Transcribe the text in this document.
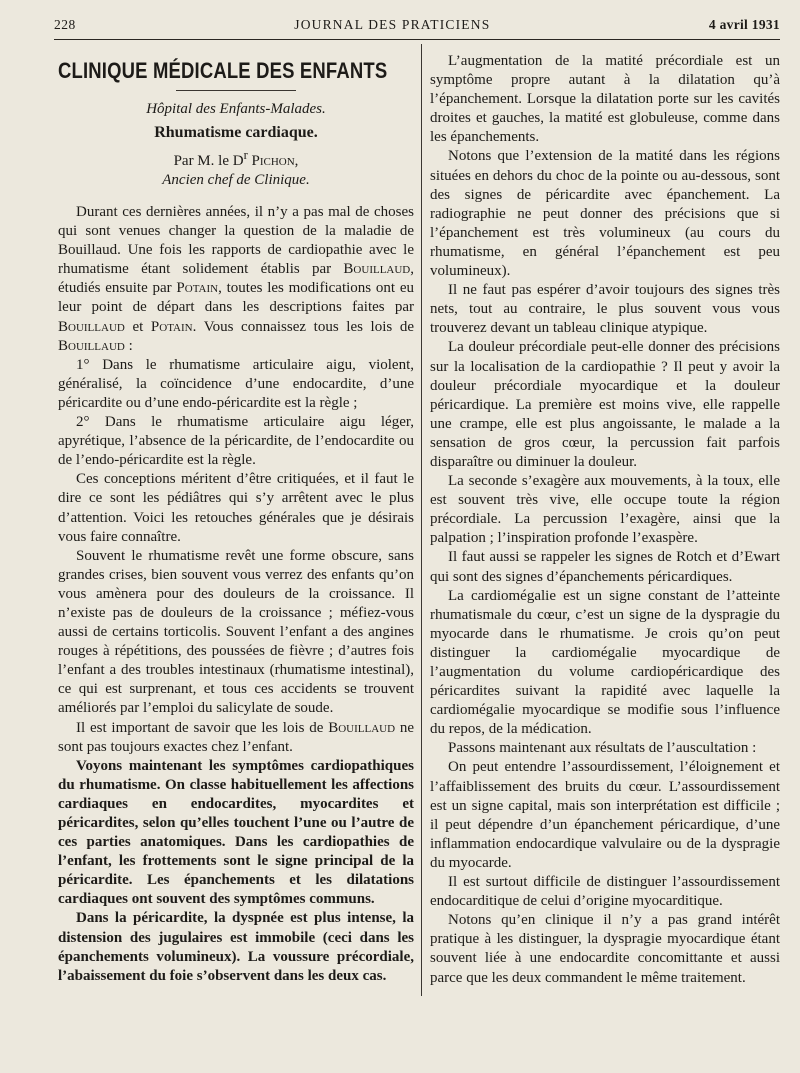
228	JOURNAL DES PRATICIENS	4 avril 1931
CLINIQUE MÉDICALE DES ENFANTS
Hôpital des Enfants-Malades.
Rhumatisme cardiaque.
Par M. le $D^r$ Pichon,
Ancien chef de Clinique.

Durant ces dernières années, il n’y a pas mal de choses qui sont venues changer la question de la maladie de Bouillaud. Une fois les rapports de cardiopathie avec le rhumatisme étant solidement établis par Bouillaud, étudiés ensuite par Potain, toutes les modifications ont eu leur point de départ dans les descriptions faites par Bouillaud et Potain. Vous connaissez tous les lois de Bouillaud :

1° Dans le rhumatisme articulaire aigu, violent, généralisé, la coïncidence d’une endocardite, d’une péricardite ou d’une endo-péricardite est la règle ;

2° Dans le rhumatisme articulaire aigu léger, apyrétique, l’absence de la péricardite, de l’endocardite ou de l’endo-péricardite est la règle.

Ces conceptions méritent d’être critiquées, et il faut le dire ce sont les pédiâtres qui s’y arrêtent avec le plus d’attention. Voici les retouches générales que je désirais vous faire connaître.

Souvent le rhumatisme revêt une forme obscure, sans grandes crises, bien souvent vous verrez des enfants qu’on vous amènera pour des douleurs de la croissance. Il n’existe pas de douleurs de la croissance ; méfiez-vous aussi de certains torticolis. Souvent l’enfant a des angines rouges à répétitions, des poussées de fièvre ; d’autres fois l’enfant a des troubles intestinaux (rhumatisme intestinal), ce qui est surprenant, et tous ces accidents se trouvent améliorés par l’emploi du salicylate de soude.

Il est important de savoir que les lois de Bouillaud ne sont pas toujours exactes chez l’enfant.

Voyons maintenant les symptômes cardiopathiques du rhumatisme. On classe habituellement les affections cardiaques en endocardites, myocardites et péricardites, selon qu’elles touchent l’une ou l’autre de ces parties anatomiques. Dans les cardiopathies de l’enfant, les frottements sont le signe principal de la péricardite. Les épanchements et les dilatations cardiaques ont souvent des symptômes communs.

Dans la péricardite, la dyspnée est plus intense, la distension des jugulaires est immobile (ceci dans les épanchements volumineux). La voussure précordiale, l’abaissement du foie s’observent dans les deux cas.

L’augmentation de la matité précordiale est un symptôme propre autant à la dilatation qu’à l’épanchement. Lorsque la dilatation porte sur les cavités droites et gauches, la matité est globuleuse, comme dans les épanchements.

Notons que l’extension de la matité dans les régions situées en dehors du choc de la pointe ou au-dessous, sont des signes de péricardite avec épanchement. La radiographie ne peut donner des précisions que si l’épanchement est très volumineux (au cours du rhumatisme, en général l’épanchement est peu volumineux).

Il ne faut pas espérer d’avoir toujours des signes très nets, tout au contraire, le plus souvent vous vous trouverez devant un tableau clinique atypique.

La douleur précordiale peut-elle donner des précisions sur la localisation de la cardiopathie ? Il peut y avoir la douleur précordiale myocardique et la douleur péricardique. La première est moins vive, elle rappelle une crampe, elle est plus angoissante, le malade a la sensation de gros cœur, la percussion fait parfois disparaître ou diminuer la douleur.

La seconde s’exagère aux mouvements, à la toux, elle est souvent très vive, elle occupe toute la région précordiale. La percussion l’exagère, ainsi que la palpation ; l’inspiration profonde l’exaspère.

Il faut aussi se rappeler les signes de Rotch et d’Ewart qui sont des signes d’épanchements péricardiques.

La cardiomégalie est un signe constant de l’atteinte rhumatismale du cœur, c’est un signe de la dyspragie du myocarde dans le rhumatisme. Je crois qu’on peut distinguer la cardiomégalie myocardique de l’augmentation du volume cardiopéricardique des péricardites suivant la rapidité avec laquelle la cardiomégalie myocardique se modifie sous l’influence du repos, de la médication.

Passons maintenant aux résultats de l’auscultation :

On peut entendre l’assourdissement, l’éloignement et l’affaiblissement des bruits du cœur. L’assourdissement est un signe capital, mais son interprétation est difficile ; il peut dépendre d’un épanchement péricardique, d’une inflammation endocardique valvulaire ou de la dyspragie du myocarde.

Il est surtout difficile de distinguer l’assourdissement endocarditique de celui d’origine myocarditique.

Notons qu’en clinique il n’y a pas grand intérêt pratique à les distinguer, la dyspragie myocardique étant souvent liée à une endocardite concomittante et aussi parce que les deux commandent le même traitement.
